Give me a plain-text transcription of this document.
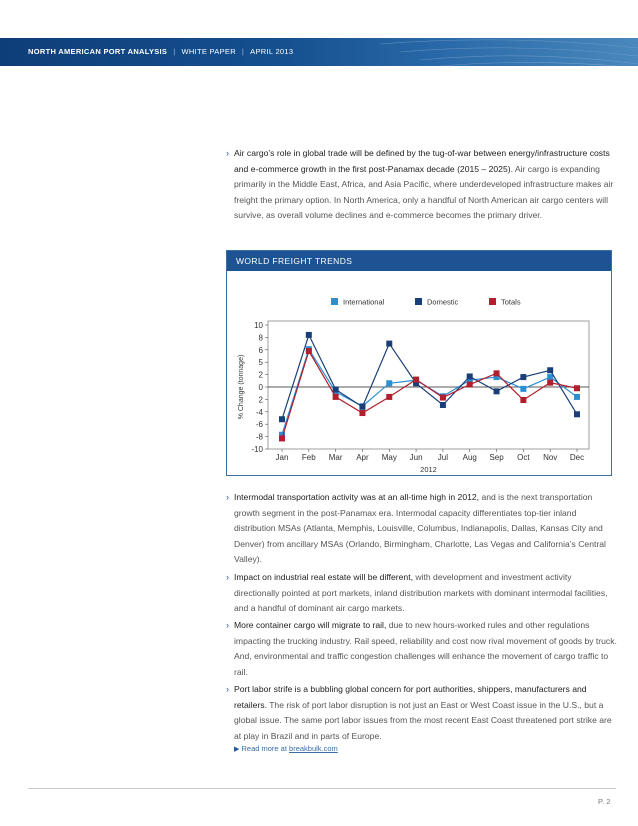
NORTH AMERICAN PORT ANALYSIS | WHITE PAPER | APRIL 2013
› Air cargo’s role in global trade will be defined by the tug-of-war between energy/infrastructure costs and e-commerce growth in the first post-Panamax decade (2015 – 2025). Air cargo is expanding primarily in the Middle East, Africa, and Asia Pacific, where underdeveloped infrastructure makes air freight the primary option. In North America, only a handful of North American air cargo centers will survive, as overall volume declines and e-commerce becomes the primary driver.
WORLD FREIGHT TRENDS
10
8
6
5
2
0
2
-4
-6
-8
-10
Jan Feb Mar Apr May Jun Jul Aug Sep Oct Nov Dec
2012
% Change (tonnage)
International	Domestic	Totals
› Intermodal transportation activity was at an all-time high in 2012, and is the next transportation growth segment in the post-Panamax era. Intermodal capacity differentiates top-tier inland distribution MSAs (Atlanta, Memphis, Louisville, Columbus, Indianapolis, Dallas, Kansas City and Denver) from ancillary MSAs (Orlando, Birmingham, Charlotte, Las Vegas and California’s Central Valley).
› Impact on industrial real estate will be different, with development and investment activity directionally pointed at port markets, inland distribution markets with dominant intermodal facilities, and a handful of dominant air cargo markets.
› More container cargo will migrate to rail, due to new hours-worked rules and other regulations impacting the trucking industry. Rail speed, reliability and cost now rival movement of goods by truck. And, environmental and traffic congestion challenges will enhance the movement of cargo traffic to rail.
› Port labor strife is a bubbling global concern for port authorities, shippers, manufacturers and retailers. The risk of port labor disruption is not just an East or West Coast issue in the U.S., but a global issue. The same port labor issues from the most recent East Coast threatened port strike are at play in Brazil and in parts of Europe.
▶ Read more at breakbulk.com
P. 2
